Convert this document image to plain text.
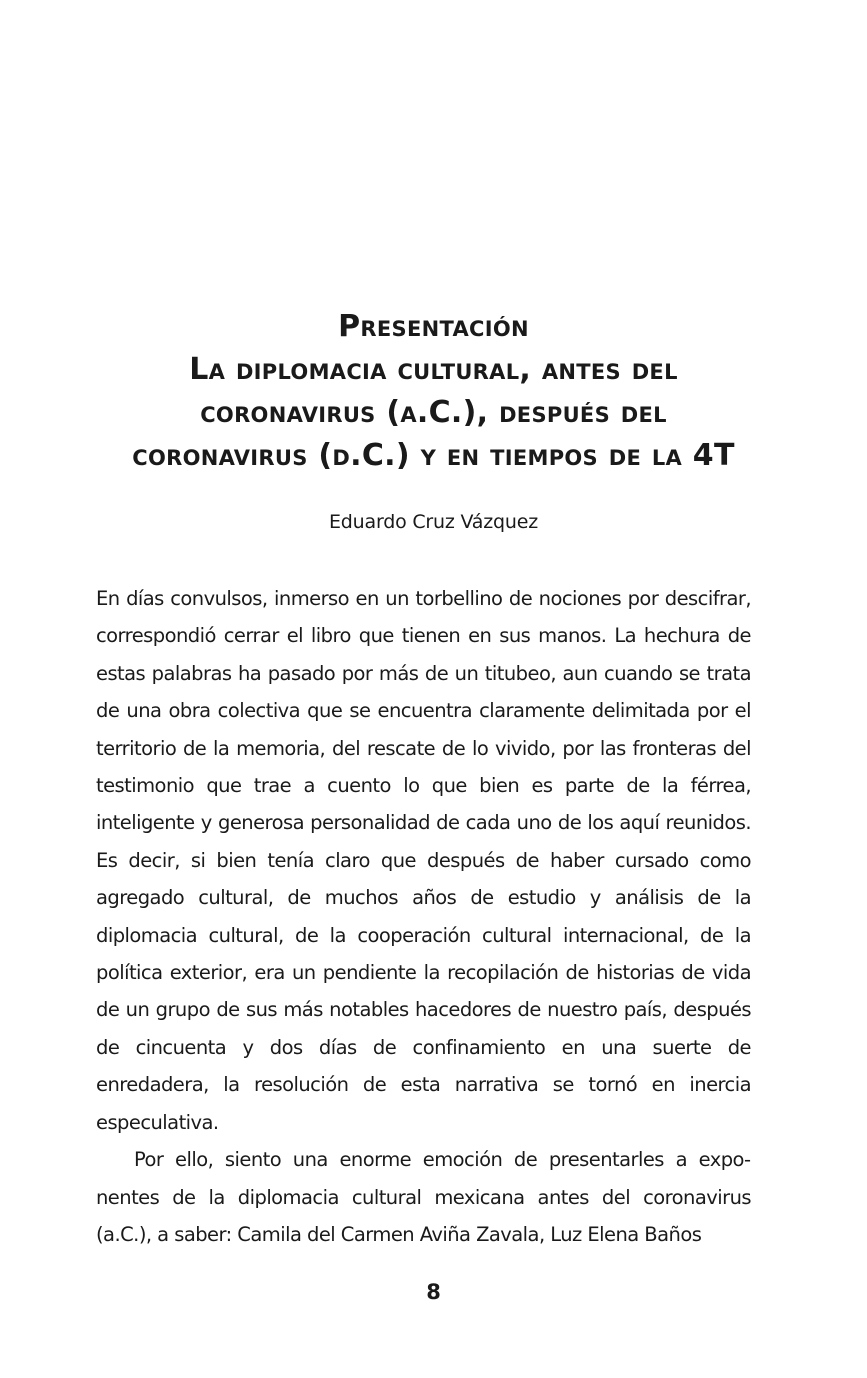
Presentación
La diplomacia cultural, antes del
coronavirus (a.C.), después del
coronavirus (d.C.) y en tiempos de la 4T
Eduardo Cruz Vázquez

En días convulsos, inmerso en un torbellino de nociones por descifrar, correspondió cerrar el libro que tienen en sus manos. La hechura de estas palabras ha pasado por más de un titubeo, aun cuando se trata de una obra colectiva que se encuentra claramente delimitada por el territorio de la memoria, del rescate de lo vivido, por las fronteras del testimonio que trae a cuento lo que bien es parte de la férrea, inteligente y generosa personalidad de cada uno de los aquí reunidos. Es decir, si bien tenía claro que después de haber cursado como agregado cultural, de muchos años de estudio y análisis de la diplomacia cultural, de la cooperación cultural internacional, de la política exterior, era un pendiente la recopilación de historias de vida de un grupo de sus más notables hacedores de nuestro país, después de cincuenta y dos días de confinamiento en una suerte de enredadera, la resolución de esta narrativa se tornó en inercia especulativa.

Por ello, siento una enorme emoción de presentarles a exponentes de la diplomacia cultural mexicana antes del coronavirus (a.C.), a saber: Camila del Carmen Aviña Zavala, Luz Elena Baños

8
